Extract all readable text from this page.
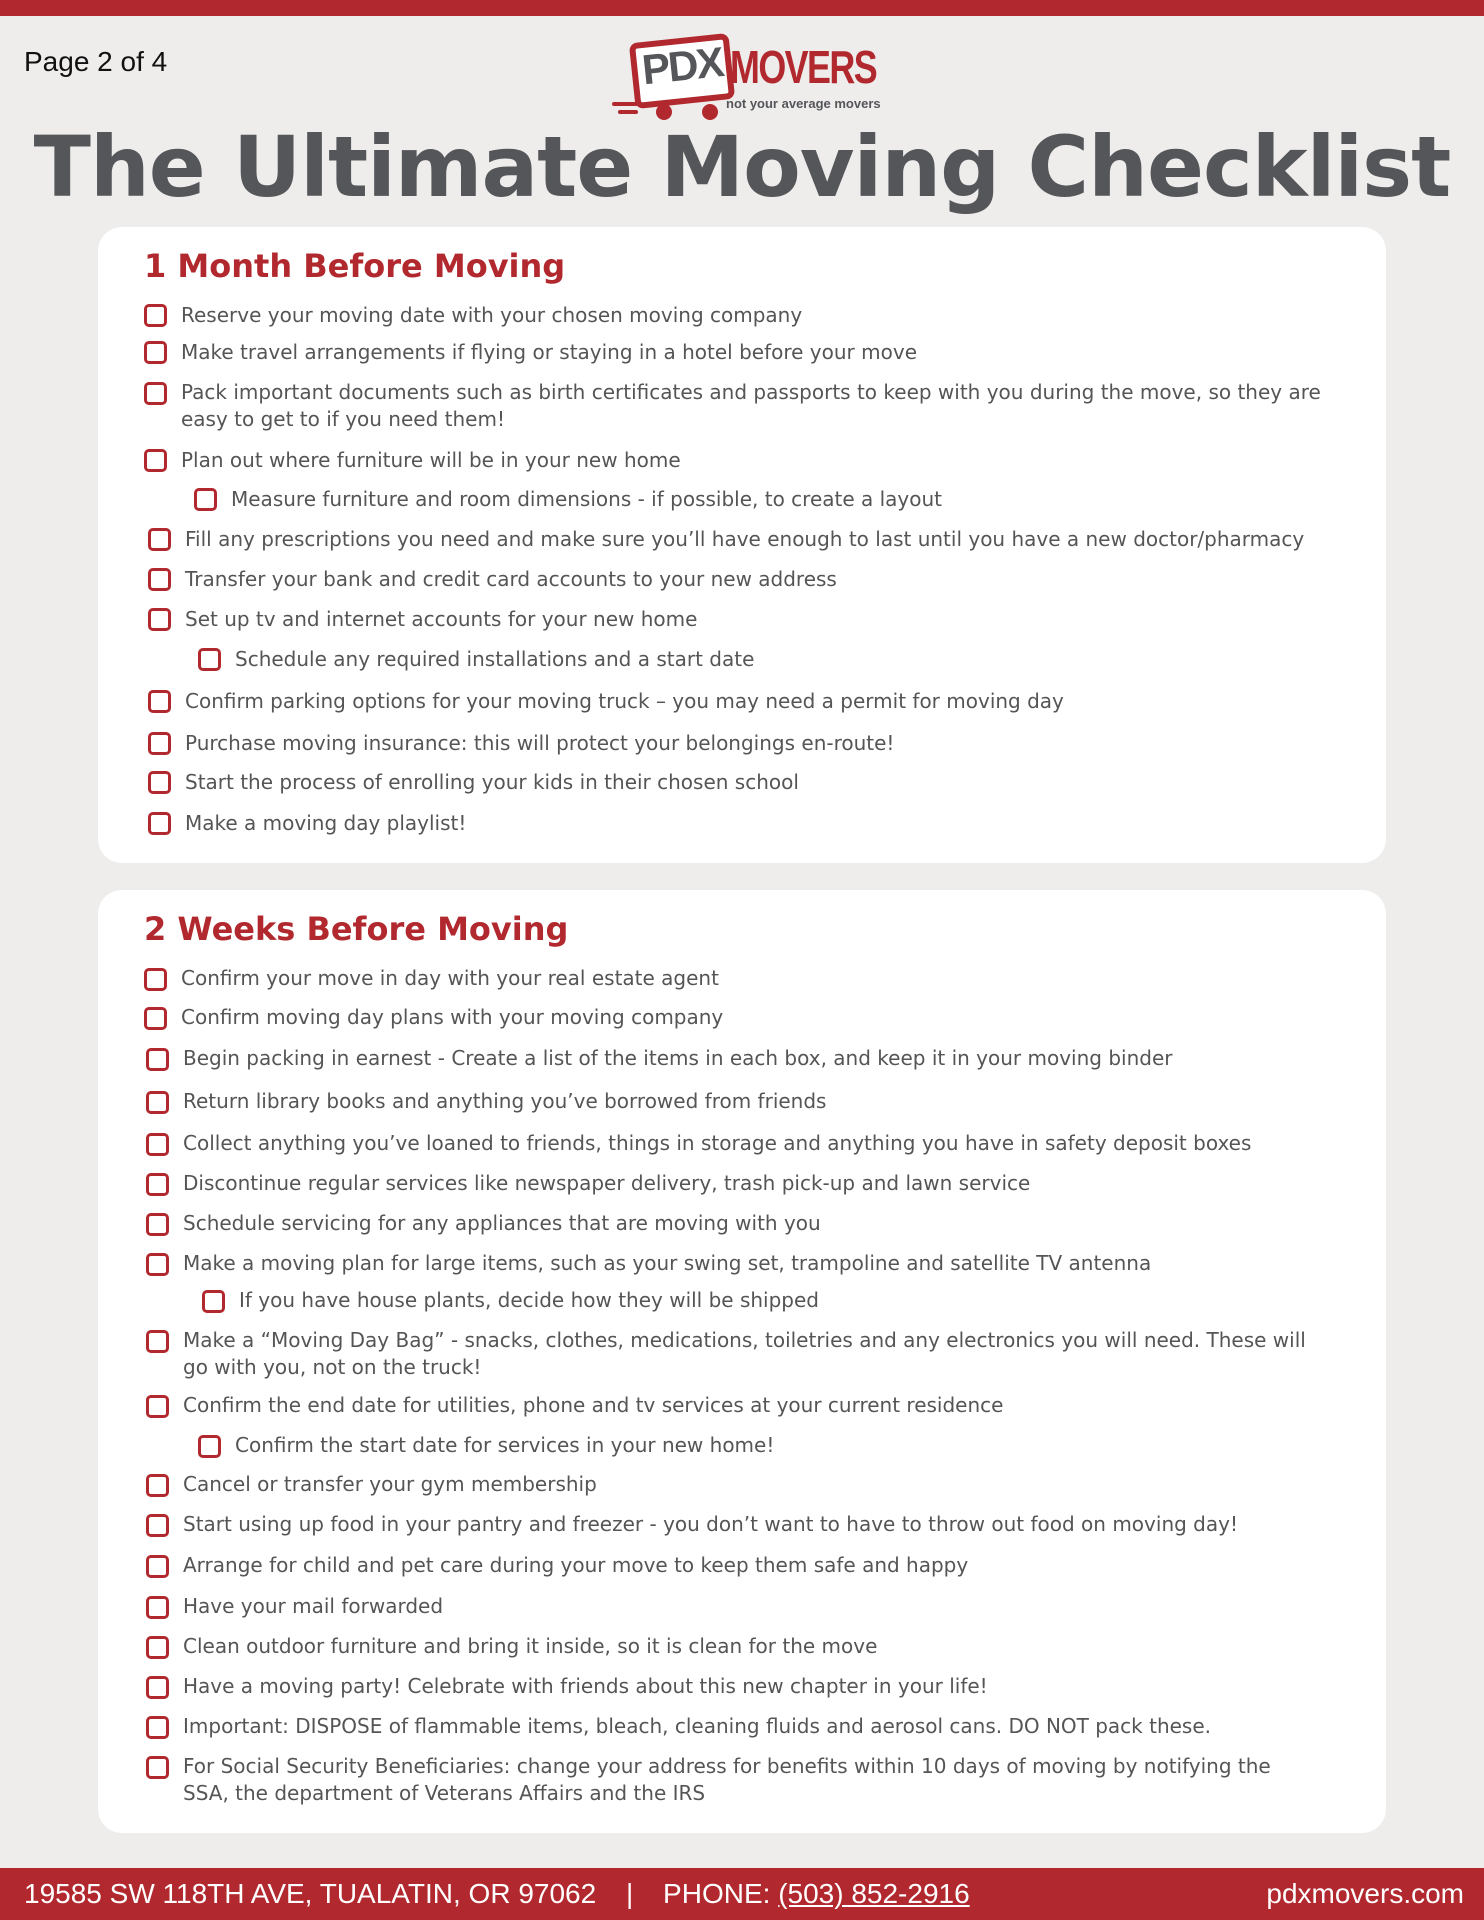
Page 2 of 4	PDX MOVERS
not your average movers
The Ultimate Moving Checklist
1 Month Before Moving
Reserve your moving date with your chosen moving company
Make travel arrangements if flying or staying in a hotel before your move
Pack important documents such as birth certificates and passports to keep with you during the move, so they are easy to get to if you need them!
Plan out where furniture will be in your new home
Measure furniture and room dimensions - if possible, to create a layout
Fill any prescriptions you need and make sure you’ll have enough to last until you have a new doctor/pharmacy
Transfer your bank and credit card accounts to your new address
Set up tv and internet accounts for your new home
Schedule any required installations and a start date
Confirm parking options for your moving truck – you may need a permit for moving day
Purchase moving insurance: this will protect your belongings en-route!
Start the process of enrolling your kids in their chosen school
Make a moving day playlist!
2 Weeks Before Moving
Confirm your move in day with your real estate agent
Confirm moving day plans with your moving company
Begin packing in earnest - Create a list of the items in each box, and keep it in your moving binder
Return library books and anything you’ve borrowed from friends
Collect anything you’ve loaned to friends, things in storage and anything you have in safety deposit boxes
Discontinue regular services like newspaper delivery, trash pick-up and lawn service
Schedule servicing for any appliances that are moving with you
Make a moving plan for large items, such as your swing set, trampoline and satellite TV antenna
If you have house plants, decide how they will be shipped
Make a “Moving Day Bag” - snacks, clothes, medications, toiletries and any electronics you will need. These will go with you, not on the truck!
Confirm the end date for utilities, phone and tv services at your current residence
Confirm the start date for services in your new home!
Cancel or transfer your gym membership
Start using up food in your pantry and freezer - you don’t want to have to throw out food on moving day!
Arrange for child and pet care during your move to keep them safe and happy
Have your mail forwarded
Clean outdoor furniture and bring it inside, so it is clean for the move
Have a moving party! Celebrate with friends about this new chapter in your life!
Important: DISPOSE of flammable items, bleach, cleaning fluids and aerosol cans. DO NOT pack these.
For Social Security Beneficiaries: change your address for benefits within 10 days of moving by notifying the SSA, the department of Veterans Affairs and the IRS
19585 SW 118TH AVE, TUALATIN, OR 97062 | PHONE: (503) 852-2916	pdxmovers.com
